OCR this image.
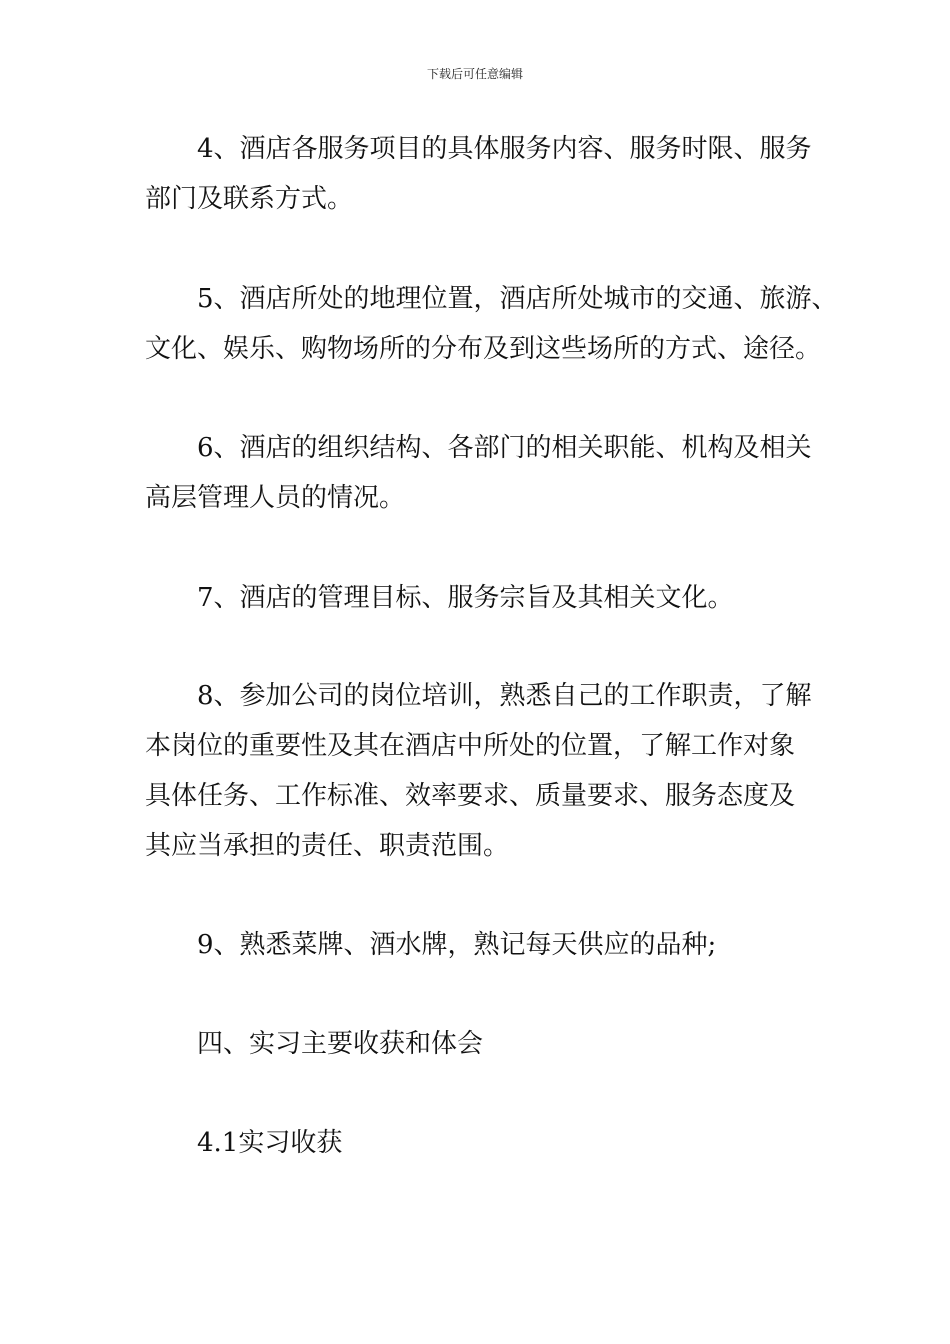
下载后可任意编辑

4、酒店各服务项目的具体服务内容、服务时限、服务
部门及联系方式。

5、酒店所处的地理位置，酒店所处城市的交通、旅游、
文化、娱乐、购物场所的分布及到这些场所的方式、途径。

6、酒店的组织结构、各部门的相关职能、机构及相关
高层管理人员的情况。

7、酒店的管理目标、服务宗旨及其相关文化。

8、参加公司的岗位培训，熟悉自己的工作职责，了解
本岗位的重要性及其在酒店中所处的位置，了解工作对象
具体任务、工作标准、效率要求、质量要求、服务态度及
其应当承担的责任、职责范围。

9、熟悉菜牌、酒水牌，熟记每天供应的品种;

四、实习主要收获和体会

4.1实习收获
